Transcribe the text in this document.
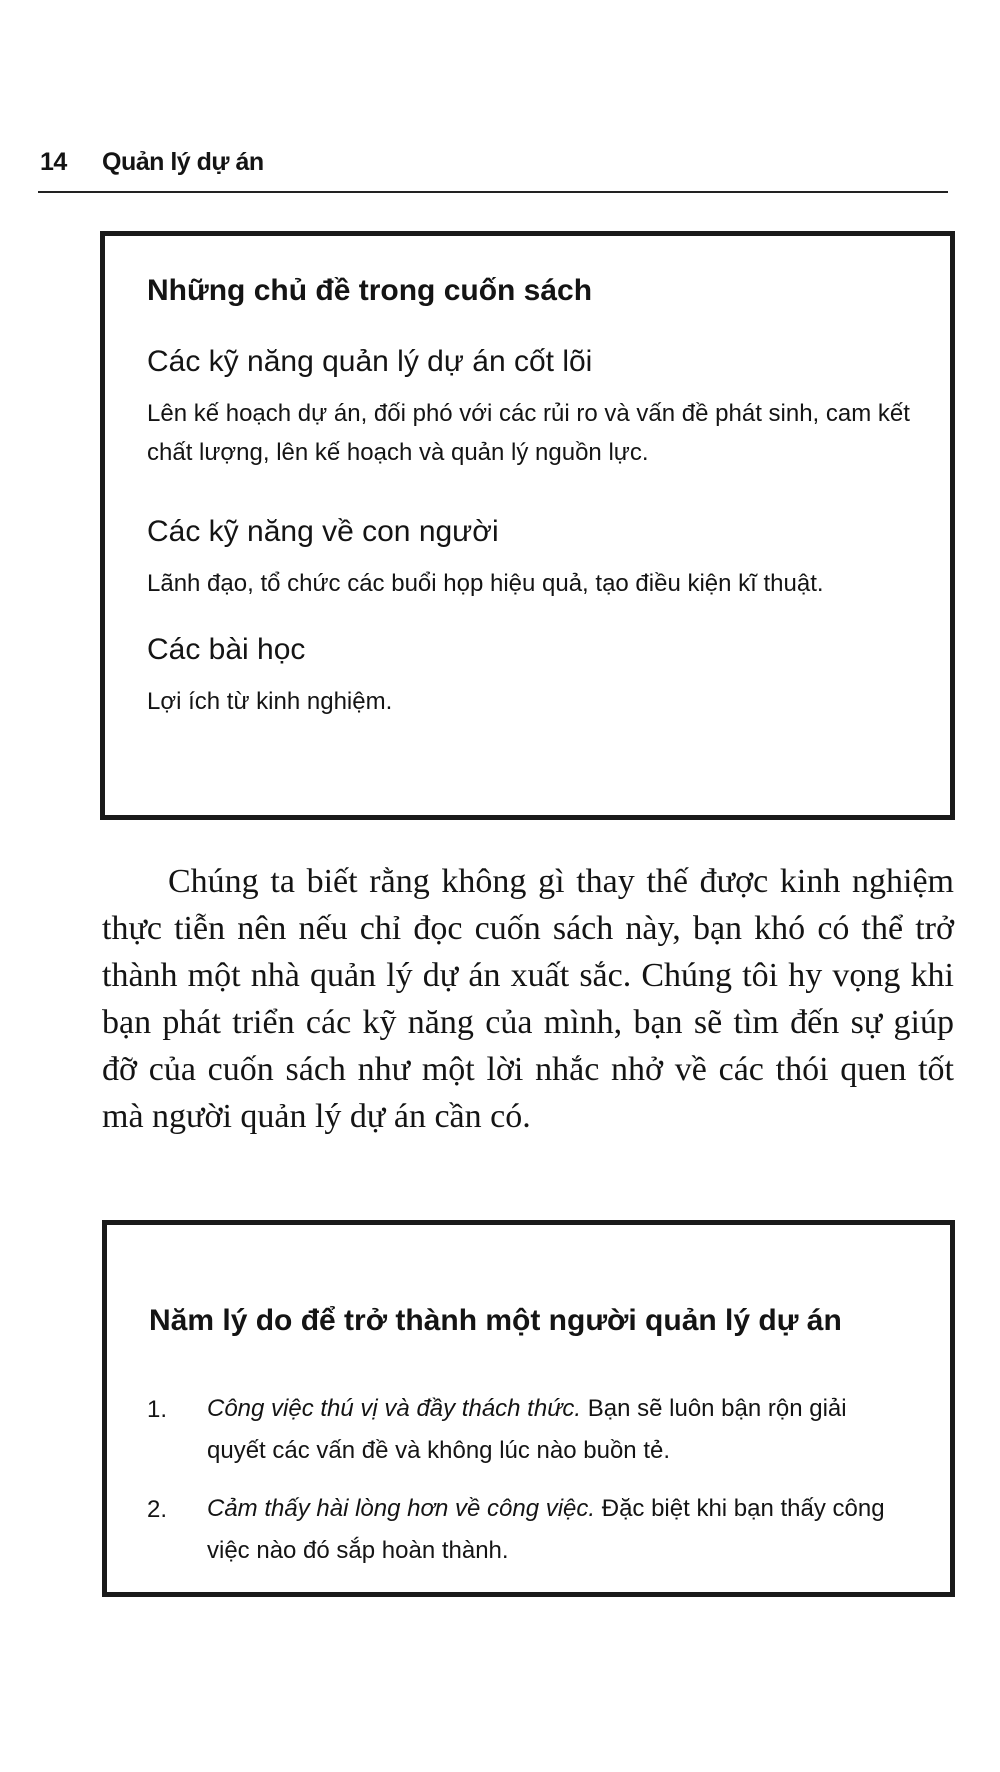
14 Quản lý dự án
Những chủ đề trong cuốn sách
Các kỹ năng quản lý dự án cốt lõi
Lên kế hoạch dự án, đối phó với các rủi ro và vấn đề phát sinh, cam kết chất lượng, lên kế hoạch và quản lý nguồn lực.
Các kỹ năng về con người
Lãnh đạo, tổ chức các buổi họp hiệu quả, tạo điều kiện kĩ thuật.
Các bài học
Lợi ích từ kinh nghiệm.
Chúng ta biết rằng không gì thay thế được kinh nghiệm thực tiễn nên nếu chỉ đọc cuốn sách này, bạn khó có thể trở thành một nhà quản lý dự án xuất sắc. Chúng tôi hy vọng khi bạn phát triển các kỹ năng của mình, bạn sẽ tìm đến sự giúp đỡ của cuốn sách như một lời nhắc nhở về các thói quen tốt mà người quản lý dự án cần có.
Năm lý do để trở thành một người quản lý dự án
1. Công việc thú vị và đầy thách thức. Bạn sẽ luôn bận rộn giải quyết các vấn đề và không lúc nào buồn tẻ.
2. Cảm thấy hài lòng hơn về công việc. Đặc biệt khi bạn thấy công việc nào đó sắp hoàn thành.
